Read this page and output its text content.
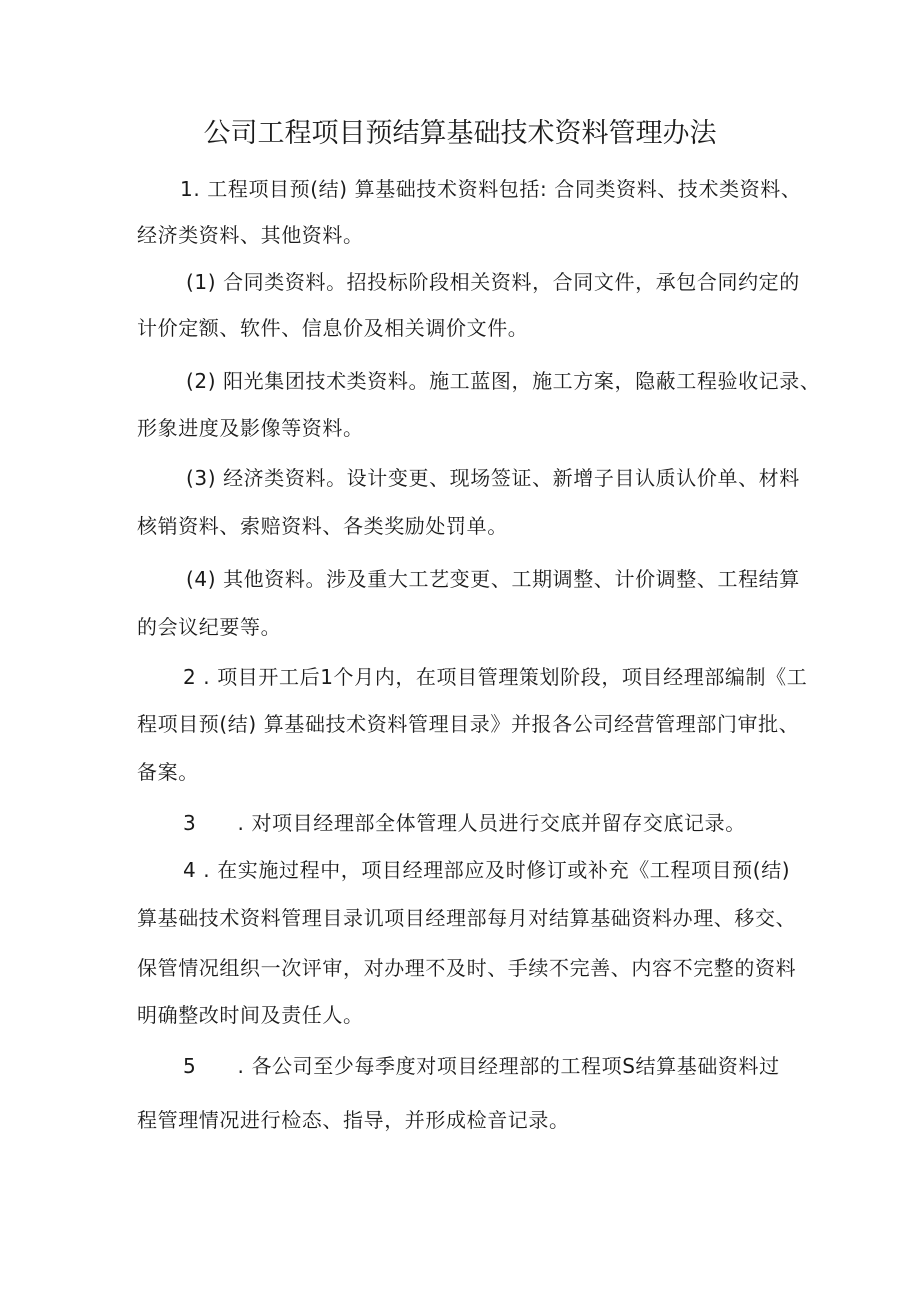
公司工程项目预结算基础技术资料管理办法
1. 工程项目预(结) 算基础技术资料包括: 合同类资料、技术类资料、
经济类资料、其他资料。
(1) 合同类资料。招投标阶段相关资料，合同文件，承包合同约定的
计价定额、软件、信息价及相关调价文件。
(2) 阳光集团技术类资料。施工蓝图，施工方案，隐蔽工程验收记录、
形象进度及影像等资料。
(3) 经济类资料。设计变更、现场签证、新增子目认质认价单、材料
核销资料、索赔资料、各类奖励处罚单。
(4) 其他资料。涉及重大工艺变更、工期调整、计价调整、工程结算
的会议纪要等。
2 . 项目开工后1个月内，在项目管理策划阶段，项目经理部编制《工
程项目预(结) 算基础技术资料管理目录》并报各公司经营管理部门审批、
备案。
3　　. 对项目经理部全体管理人员进行交底并留存交底记录。
4 . 在实施过程中，项目经理部应及时修订或补充《工程项目预(结)
算基础技术资料管理目录讥项目经理部每月对结算基础资料办理、移交、
保管情况组织一次评审，对办理不及时、手续不完善、内容不完整的资料
明确整改时间及责任人。
5　　. 各公司至少每季度对项目经理部的工程项S结算基础资料过
程管理情况进行检态、指导，并形成检音记录。
